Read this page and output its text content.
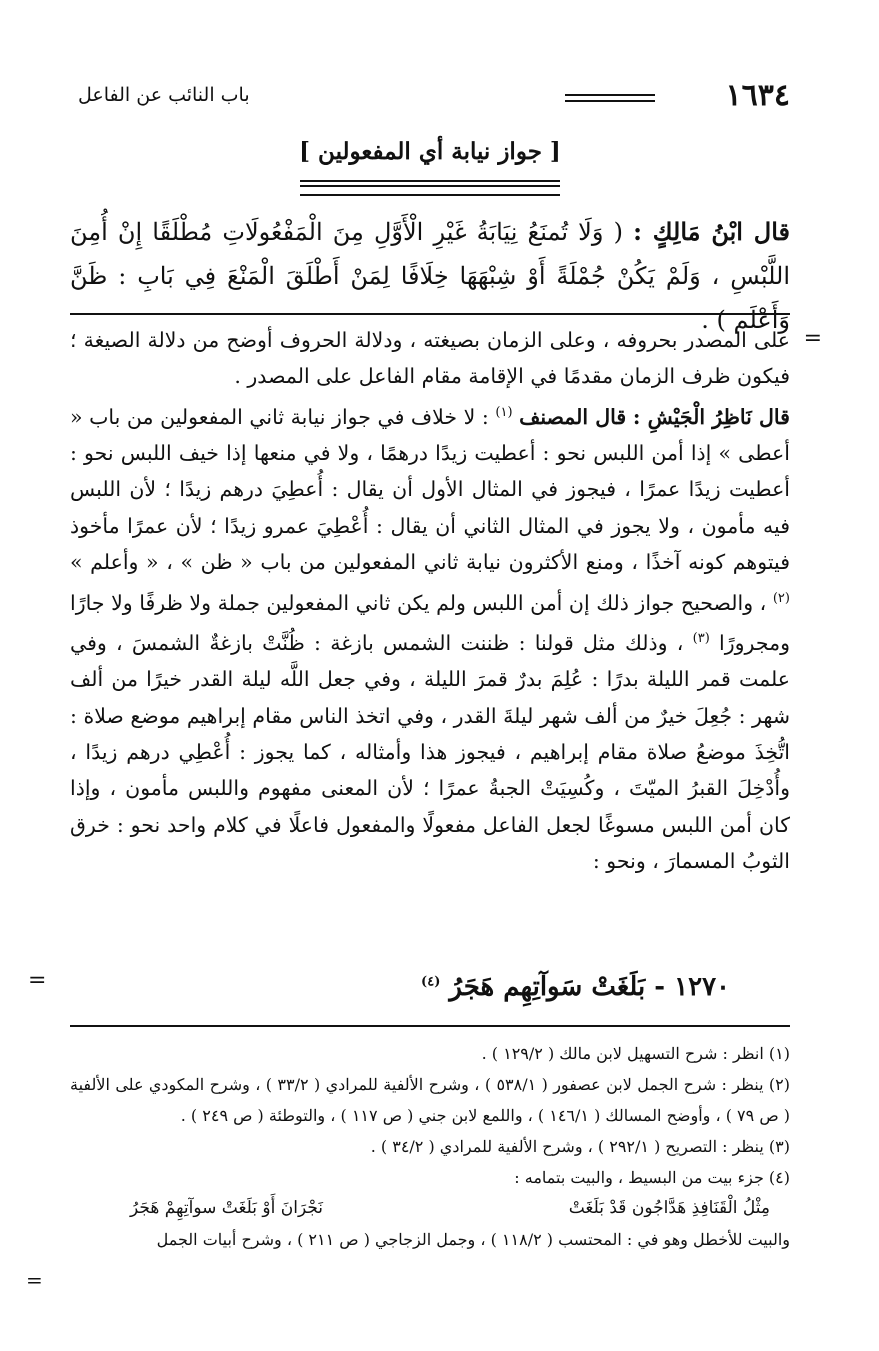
١٦٣٤
باب النائب عن الفاعل
[ جواز نيابة أي المفعولين ]
قال ابْنُ مَالِكٍ : ( وَلَا تُمنَعُ نِيَابَةُ غَيْرِ الْأَوَّلِ مِنَ الْمَفْعُولَاتِ مُطْلَقًا إِنْ أُمِنَ اللَّبْسِ ، وَلَمْ يَكُنْ جُمْلَةً أَوْ شِبْهَهَا خِلَافًا لِمَنْ أَطْلَقَ الْمَنْعَ فِي بَابِ : ظَنَّ وَأَعْلَم ) .
=

على المصدر بحروفه ، وعلى الزمان بصيغته ، ودلالة الحروف أوضح من دلالة الصيغة ؛ فيكون ظرف الزمان مقدمًا في الإقامة مقام الفاعل على المصدر .

قال نَاظِرُ الْجَيْشِ : قال المصنف $^{(١)}$ : لا خلاف في جواز نيابة ثاني المفعولين من باب « أعطى » إذا أمن اللبس نحو : أعطيت زيدًا درهمًا ، ولا في منعها إذا خيف اللبس نحو : أعطيت زيدًا عمرًا ، فيجوز في المثال الأول أن يقال : أُعطِيَ درهم زيدًا ؛ لأن اللبس فيه مأمون ، ولا يجوز في المثال الثاني أن يقال : أُعْطِيَ عمرو زيدًا ؛ لأن عمرًا مأخوذ فيتوهم كونه آخذًا ، ومنع الأكثرون نيابة ثاني المفعولين من باب « ظن » ، « وأعلم » $^{(٢)}$ ، والصحيح جواز ذلك إن أمن اللبس ولم يكن ثاني المفعولين جملة ولا ظرفًا ولا جارًا ومجرورًا $^{(٣)}$ ، وذلك مثل قولنا : ظننت الشمس بازغة : ظُنَّتْ بازغةٌ الشمسَ ، وفي علمت قمر الليلة بدرًا : عُلِمَ بدرٌ قمرَ الليلة ، وفي جعل اللَّه ليلة القدر خيرًا من ألف شهر : جُعِلَ خيرٌ من ألف شهر ليلةَ القدر ، وفي اتخذ الناس مقام إبراهيم موضع صلاة : اتُّخِذَ موضعُ صلاة مقام إبراهيم ، فيجوز هذا وأمثاله ، كما يجوز : أُعْطِي درهم زيدًا ، وأُدْخِلَ القبرُ الميّتَ ، وكُسِيَتْ الجبةُ عمرًا ؛ لأن المعنى مفهوم واللبس مأمون ، وإذا كان أمن اللبس مسوغًا لجعل الفاعل مفعولًا والمفعول فاعلًا في كلام واحد نحو : خرق الثوبُ المسمارَ ، ونحو :

١٢٧٠ - بَلَغَتْ سَوآتِهِم هَجَرُ $^{(٤)}$
=

(١) انظر : شرح التسهيل لابن مالك ( ١٢٩/٢ ) .

(٢) ينظر : شرح الجمل لابن عصفور ( ٥٣٨/١ ) ، وشرح الألفية للمرادي ( ٣٣/٢ ) ، وشرح المكودي على الألفية ( ص ٧٩ ) ، وأوضح المسالك ( ١٤٦/١ ) ، واللمع لابن جني ( ص ١١٧ ) ، والتوطئة ( ص ٢٤٩ ) .

(٣) ينظر : التصريح ( ٢٩٢/١ ) ، وشرح الألفية للمرادي ( ٣٤/٢ ) .

(٤) جزء بيت من البسيط ، والبيت بتمامه :

مِثْلُ الْقَنَافِذِ هَدَّاجُون قَدْ بَلَغَتْ
نَجْرَانَ أَوْ بَلَغَتْ سوآتِهِمْ هَجَرُ

والبيت للأخطل وهو في : المحتسب ( ١١٨/٢ ) ، وجمل الزجاجي ( ص ٢١١ ) ، وشرح أبيات الجمل

=
